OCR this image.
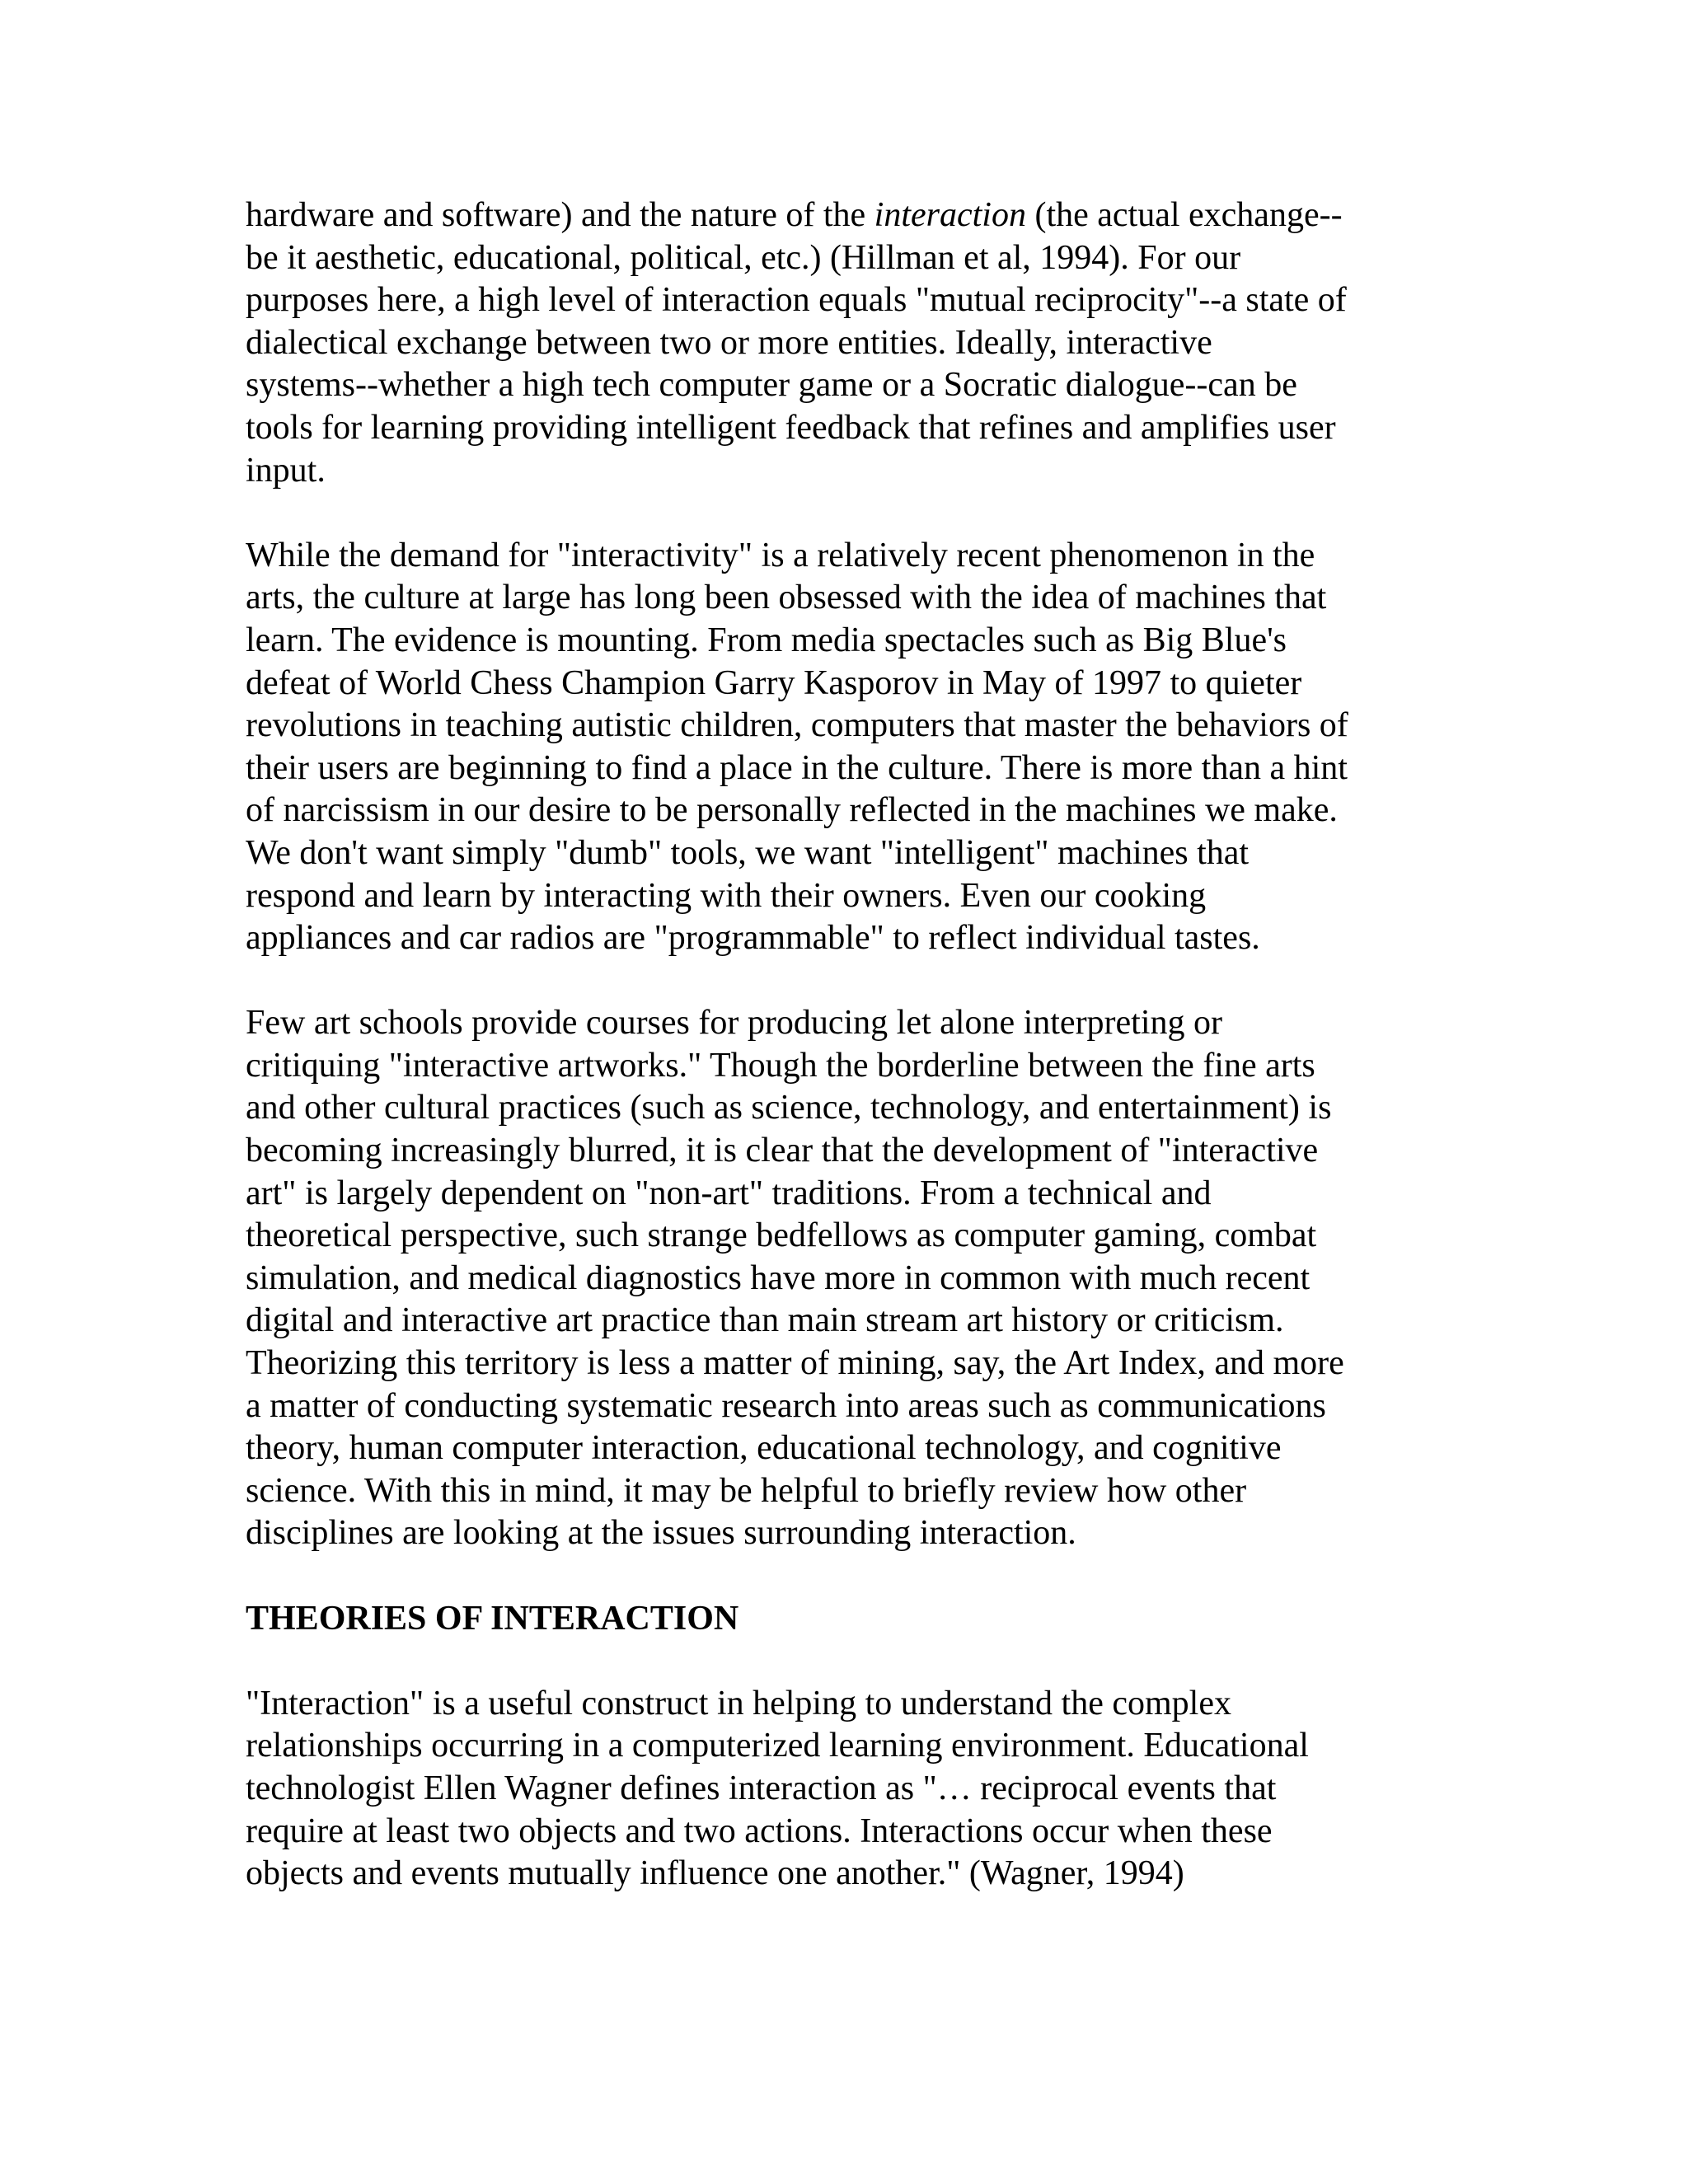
hardware and software) and the nature of the interaction (the actual exchange--
be it aesthetic, educational, political, etc.) (Hillman et al, 1994). For our
purposes here, a high level of interaction equals "mutual reciprocity"--a state of
dialectical exchange between two or more entities. Ideally, interactive
systems--whether a high tech computer game or a Socratic dialogue--can be
tools for learning providing intelligent feedback that refines and amplifies user
input.

While the demand for "interactivity" is a relatively recent phenomenon in the
arts, the culture at large has long been obsessed with the idea of machines that
learn. The evidence is mounting. From media spectacles such as Big Blue's
defeat of World Chess Champion Garry Kasporov in May of 1997 to quieter
revolutions in teaching autistic children, computers that master the behaviors of
their users are beginning to find a place in the culture. There is more than a hint
of narcissism in our desire to be personally reflected in the machines we make.
We don't want simply "dumb" tools, we want "intelligent" machines that
respond and learn by interacting with their owners. Even our cooking
appliances and car radios are "programmable" to reflect individual tastes.

Few art schools provide courses for producing let alone interpreting or
critiquing "interactive artworks." Though the borderline between the fine arts
and other cultural practices (such as science, technology, and entertainment) is
becoming increasingly blurred, it is clear that the development of "interactive
art" is largely dependent on "non-art" traditions. From a technical and
theoretical perspective, such strange bedfellows as computer gaming, combat
simulation, and medical diagnostics have more in common with much recent
digital and interactive art practice than main stream art history or criticism.
Theorizing this territory is less a matter of mining, say, the Art Index, and more
a matter of conducting systematic research into areas such as communications
theory, human computer interaction, educational technology, and cognitive
science. With this in mind, it may be helpful to briefly review how other
disciplines are looking at the issues surrounding interaction.

THEORIES OF INTERACTION

"Interaction" is a useful construct in helping to understand the complex
relationships occurring in a computerized learning environment. Educational
technologist Ellen Wagner defines interaction as "… reciprocal events that
require at least two objects and two actions. Interactions occur when these
objects and events mutually influence one another." (Wagner, 1994)
